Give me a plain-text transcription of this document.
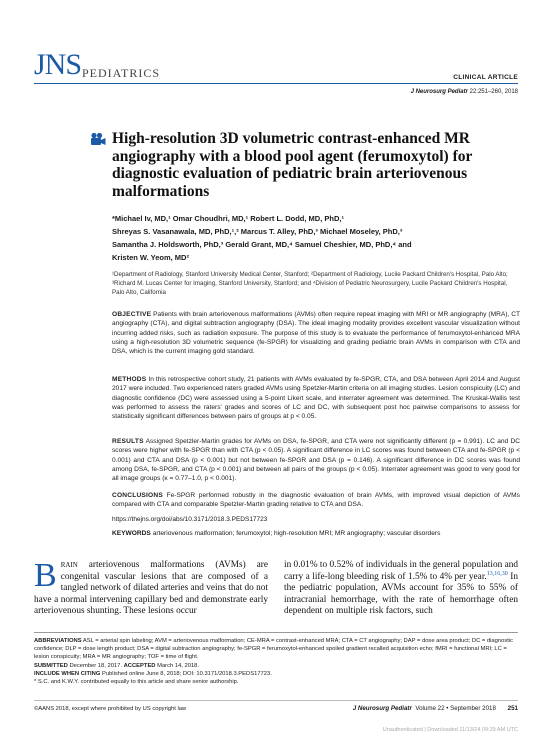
JNS PEDIATRICS	CLINICAL ARTICLE
J Neurosurg Pediatr 22:251–260, 2018
High-resolution 3D volumetric contrast-enhanced MR angiography with a blood pool agent (ferumoxytol) for diagnostic evaluation of pediatric brain arteriovenous malformations
*Michael Iv, MD,¹ Omar Choudhri, MD,¹ Robert L. Dodd, MD, PhD,¹
Shreyas S. Vasanawala, MD, PhD,¹,² Marcus T. Alley, PhD,³ Michael Moseley, PhD,³
Samantha J. Holdsworth, PhD,³ Gerald Grant, MD,⁴ Samuel Cheshier, MD, PhD,⁴ and
Kristen W. Yeom, MD²
¹Department of Radiology, Stanford University Medical Center, Stanford; ²Department of Radiology, Lucile Packard Children's Hospital, Palo Alto; ³Richard M. Lucas Center for Imaging, Stanford University, Stanford; and ⁴Division of Pediatric Neurosurgery, Lucile Packard Children's Hospital, Palo Alto, California
OBJECTIVE Patients with brain arteriovenous malformations (AVMs) often require repeat imaging with MRI or MR angiography (MRA), CT angiography (CTA), and digital subtraction angiography (DSA). The ideal imaging modality provides excellent vascular visualization without incurring added risks, such as radiation exposure. The purpose of this study is to evaluate the performance of ferumoxytol-enhanced MRA using a high-resolution 3D volumetric sequence (fe-SPGR) for visualizing and grading pediatric brain AVMs in comparison with CTA and DSA, which is the current imaging gold standard.
METHODS In this retrospective cohort study, 21 patients with AVMs evaluated by fe-SPGR, CTA, and DSA between April 2014 and August 2017 were included. Two experienced raters graded AVMs using Spetzler-Martin criteria on all imaging studies. Lesion conspicuity (LC) and diagnostic confidence (DC) were assessed using a 5-point Likert scale, and interrater agreement was determined. The Kruskal-Wallis test was performed to assess the raters' grades and scores of LC and DC, with subsequent post hoc pairwise comparisons to assess for statistically significant differences between pairs of groups at p < 0.05.
RESULTS Assigned Spetzler-Martin grades for AVMs on DSA, fe-SPGR, and CTA were not significantly different (p = 0.991). LC and DC scores were higher with fe-SPGR than with CTA (p < 0.05). A significant difference in LC scores was found between CTA and fe-SPGR (p < 0.001) and CTA and DSA (p < 0.001) but not between fe-SPGR and DSA (p = 0.146). A significant difference in DC scores was found among DSA, fe-SPGR, and CTA (p < 0.001) and between all pairs of the groups (p < 0.05). Interrater agreement was good to very good for all image groups (κ = 0.77–1.0, p < 0.001).
CONCLUSIONS Fe-SPGR performed robustly in the diagnostic evaluation of brain AVMs, with improved visual depiction of AVMs compared with CTA and comparable Spetzler-Martin grading relative to CTA and DSA.
https://thejns.org/doi/abs/10.3171/2018.3.PEDS17723
KEYWORDS arteriovenous malformation; ferumoxytol; high-resolution MRI; MR angiography; vascular disorders
Brain arteriovenous malformations (AVMs) are congenital vascular lesions that are composed of a tangled network of dilated arteries and veins that do not have a normal intervening capillary bed and demonstrate early arteriovenous shunting. These lesions occur
in 0.01% to 0.52% of individuals in the general population and carry a life-long bleeding risk of 1.5% to 4% per year.$^{13,16,30}$ In the pediatric population, AVMs account for 35% to 55% of intracranial hemorrhage, with the rate of hemorrhage often dependent on multiple risk factors, such
ABBREVIATIONS ASL = arterial spin labeling; AVM = arteriovenous malformation; CE-MRA = contrast-enhanced MRA; CTA = CT angiography; DAP = dose area product; DC = diagnostic confidence; DLP = dose length product; DSA = digital subtraction angiography; fe-SPGR = ferumoxytol-enhanced spoiled gradient recalled acquisition echo; fMRI = functional MRI; LC = lesion conspicuity; MRA = MR angiography; TOF = time of flight.
SUBMITTED December 18, 2017. ACCEPTED March 14, 2018.
INCLUDE WHEN CITING Published online June 8, 2018; DOI: 10.3171/2018.3.PEDS17723.
* S.C. and K.W.Y. contributed equally to this article and share senior authorship.
©AANS 2018, except where prohibited by US copyright law	J Neurosurg Pediatr Volume 22 • September 2018 251
Unauthenticated | Downloaded 11/13/24 09:29 AM UTC
